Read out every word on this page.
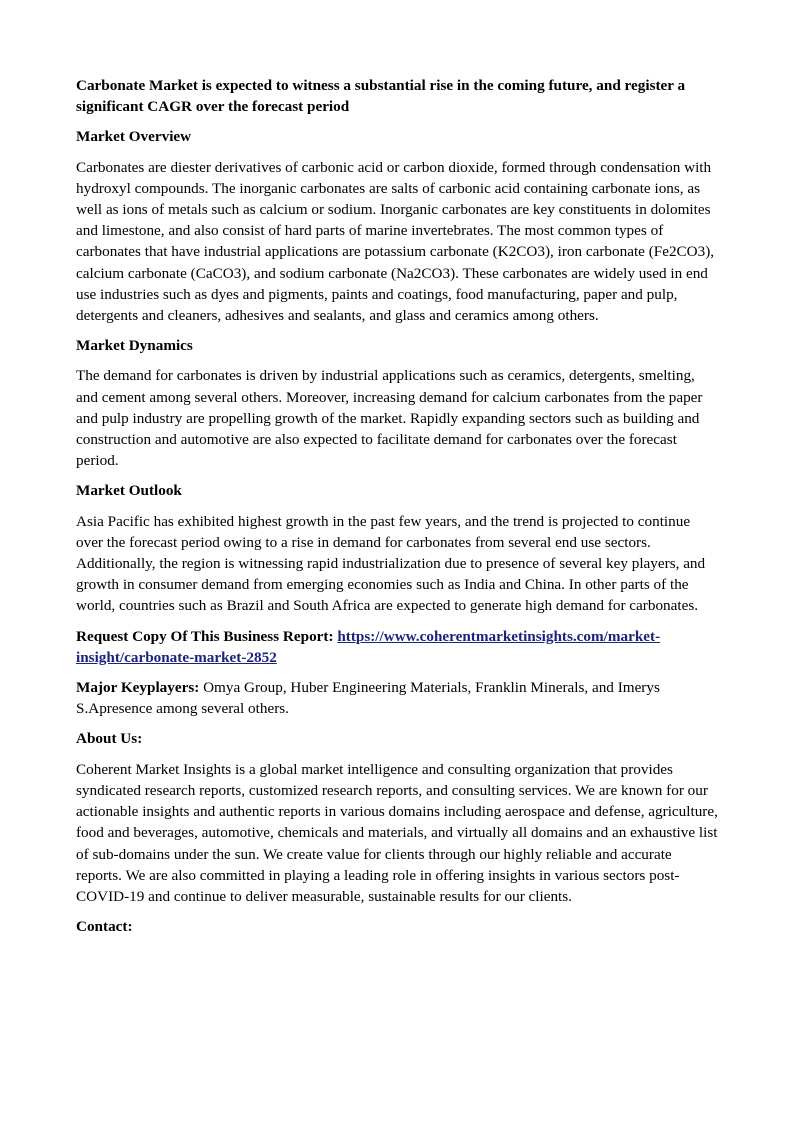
Carbonate Market is expected to witness a substantial rise in the coming future, and register a significant CAGR over the forecast period

Market Overview

Carbonates are diester derivatives of carbonic acid or carbon dioxide, formed through condensation with hydroxyl compounds. The inorganic carbonates are salts of carbonic acid containing carbonate ions, as well as ions of metals such as calcium or sodium. Inorganic carbonates are key constituents in dolomites and limestone, and also consist of hard parts of marine invertebrates. The most common types of carbonates that have industrial applications are potassium carbonate (K2CO3), iron carbonate (Fe2CO3), calcium carbonate (CaCO3), and sodium carbonate (Na2CO3). These carbonates are widely used in end use industries such as dyes and pigments, paints and coatings, food manufacturing, paper and pulp, detergents and cleaners, adhesives and sealants, and glass and ceramics among others.

Market Dynamics

The demand for carbonates is driven by industrial applications such as ceramics, detergents, smelting, and cement among several others. Moreover, increasing demand for calcium carbonates from the paper and pulp industry are propelling growth of the market. Rapidly expanding sectors such as building and construction and automotive are also expected to facilitate demand for carbonates over the forecast period.

Market Outlook

Asia Pacific has exhibited highest growth in the past few years, and the trend is projected to continue over the forecast period owing to a rise in demand for carbonates from several end use sectors. Additionally, the region is witnessing rapid industrialization due to presence of several key players, and growth in consumer demand from emerging economies such as India and China. In other parts of the world, countries such as Brazil and South Africa are expected to generate high demand for carbonates.

Request Copy Of This Business Report: https://www.coherentmarketinsights.com/market-insight/carbonate-market-2852

Major Keyplayers: Omya Group, Huber Engineering Materials, Franklin Minerals, and Imerys S.Apresence among several others.

About Us:

Coherent Market Insights is a global market intelligence and consulting organization that provides syndicated research reports, customized research reports, and consulting services. We are known for our actionable insights and authentic reports in various domains including aerospace and defense, agriculture, food and beverages, automotive, chemicals and materials, and virtually all domains and an exhaustive list of sub-domains under the sun. We create value for clients through our highly reliable and accurate reports. We are also committed in playing a leading role in offering insights in various sectors post-COVID-19 and continue to deliver measurable, sustainable results for our clients.

Contact:
